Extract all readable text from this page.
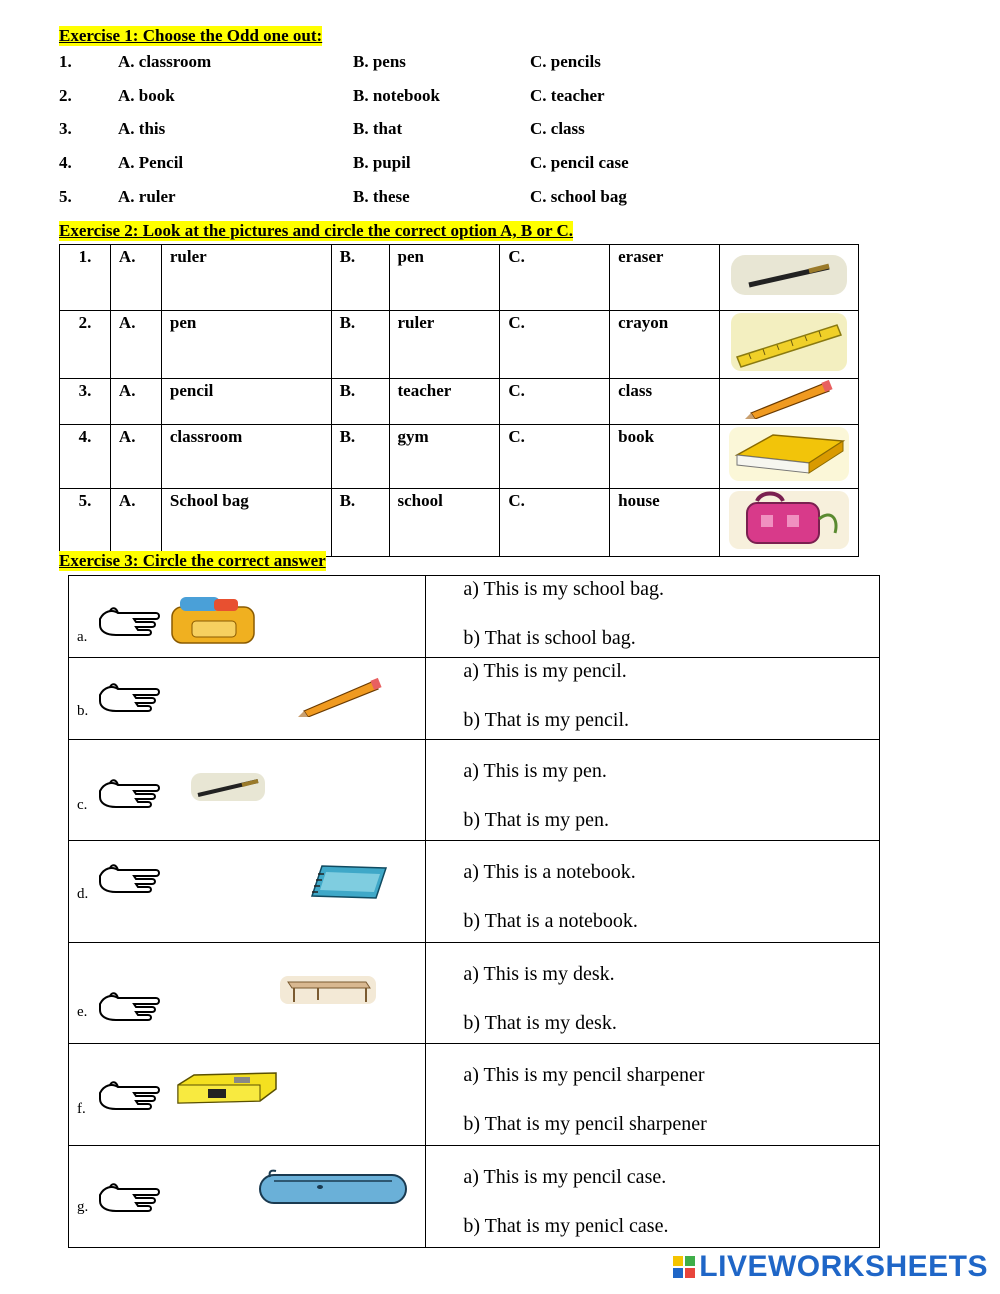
Exercise 1: Choose the Odd one out:
1.	A. classroom	B. pens	C. pencils
2.	A. book	B. notebook	C. teacher
3.	A. this	B. that	C. class
4.	A. Pencil	B. pupil	C. pencil case
5.	A. ruler	B. these	C. school bag
Exercise 2: Look at the pictures and circle the correct option A, B or C.
1.	A.	ruler	B.	pen	C.	eraser	
2.	A.	pen	B.	ruler	C.	crayon	
3.	A.	pencil	B.	teacher	C.	class	
4.	A.	classroom	B.	gym	C.	book	
5.	A.	School bag	B.	school	C.	house	
Exercise 3: Circle the correct answer
a.	a) This is my school bag.
b) That is school bag.

b.	a) This is my pencil.
b) That is my pencil.

c.	a) This is my pen.
b) That is my pen.

d.	a) This is a notebook.
b) That is a notebook.

e.	a) This is my desk.
b) That is my desk.

f.	a) This is my pencil sharpener
b) That is my pencil sharpener

g.	a) This is my pencil case.
b) That is my penicl case.
LIVEWORKSHEETS
